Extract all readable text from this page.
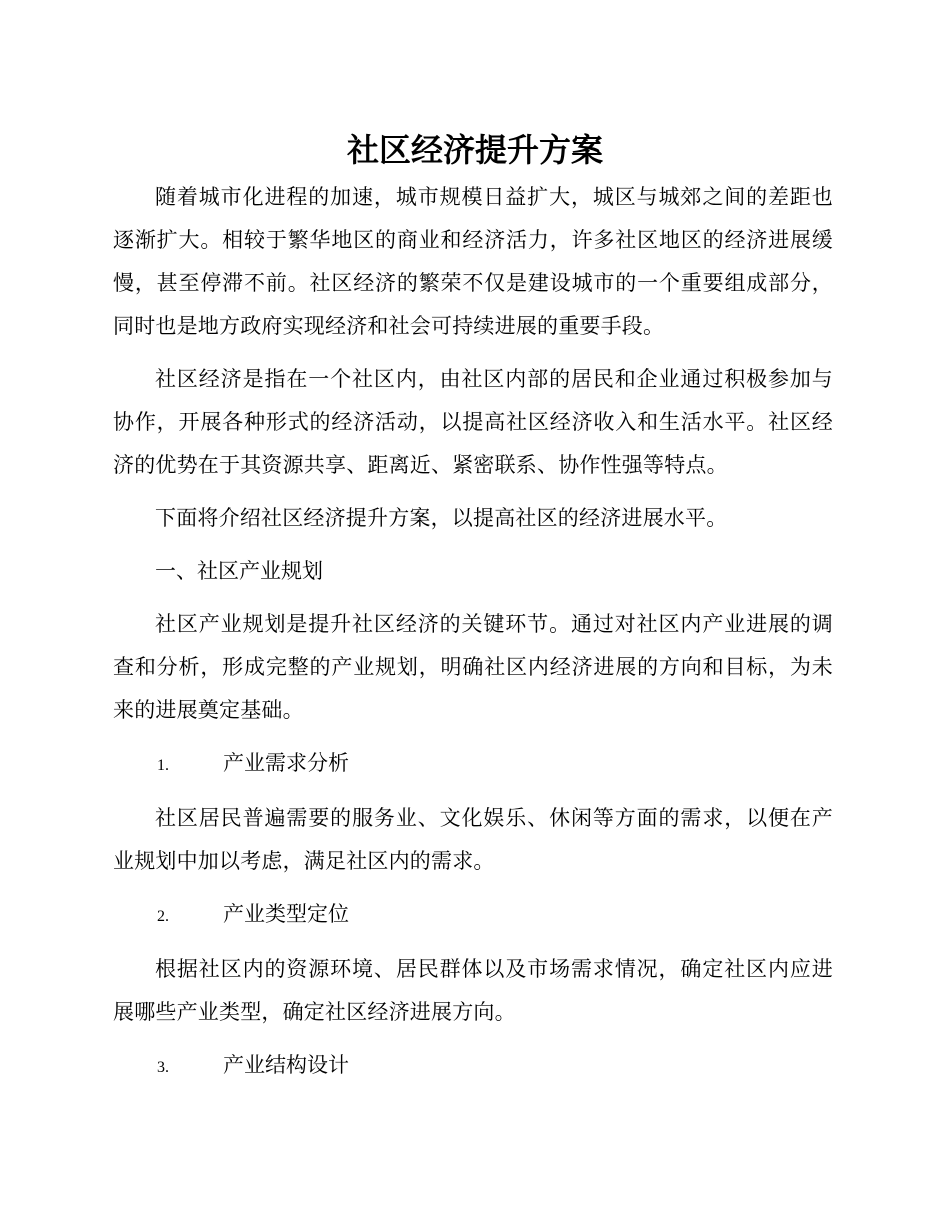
社区经济提升方案

随着城市化进程的加速，城市规模日益扩大，城区与城郊之间的差距也逐渐扩大。相较于繁华地区的商业和经济活力，许多社区地区的经济进展缓慢，甚至停滞不前。社区经济的繁荣不仅是建设城市的一个重要组成部分，同时也是地方政府实现经济和社会可持续进展的重要手段。

社区经济是指在一个社区内，由社区内部的居民和企业通过积极参加与协作，开展各种形式的经济活动，以提高社区经济收入和生活水平。社区经济的优势在于其资源共享、距离近、紧密联系、协作性强等特点。

下面将介绍社区经济提升方案，以提高社区的经济进展水平。

一、社区产业规划

社区产业规划是提升社区经济的关键环节。通过对社区内产业进展的调查和分析，形成完整的产业规划，明确社区内经济进展的方向和目标，为未来的进展奠定基础。

1.	产业需求分析

社区居民普遍需要的服务业、文化娱乐、休闲等方面的需求，以便在产业规划中加以考虑，满足社区内的需求。

2.	产业类型定位

根据社区内的资源环境、居民群体以及市场需求情况，确定社区内应进展哪些产业类型，确定社区经济进展方向。

3.	产业结构设计
